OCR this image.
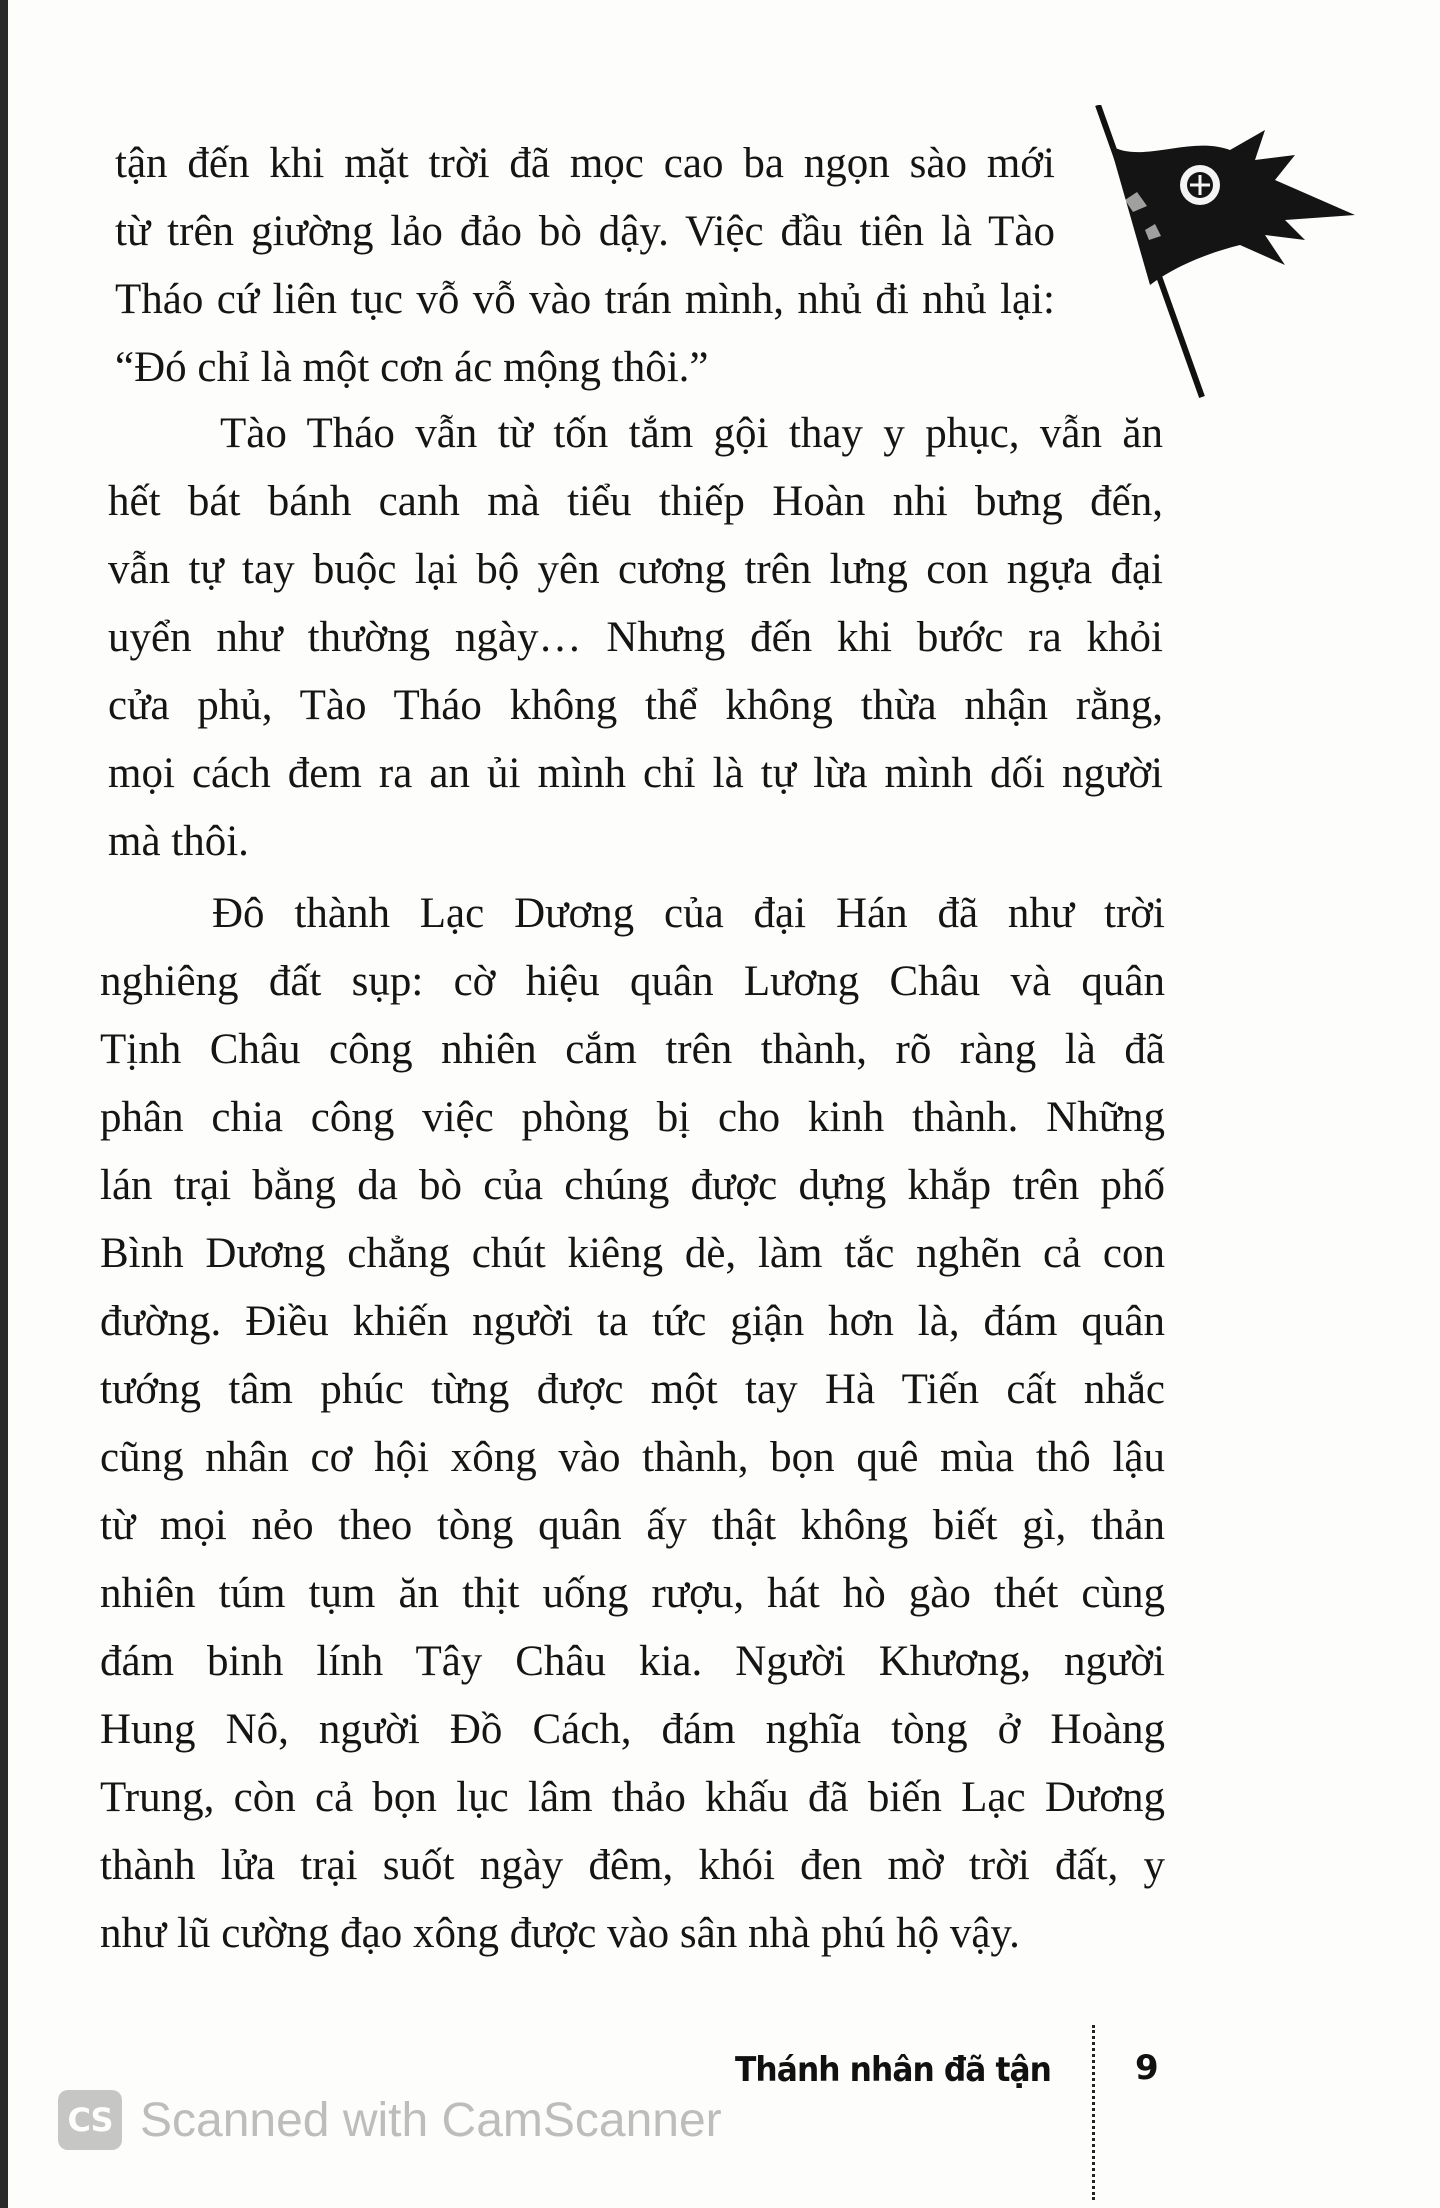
tận đến khi mặt trời đã mọc cao ba ngọn sào mới
từ trên giường lảo đảo bò dậy. Việc đầu tiên là Tào
Tháo cứ liên tục vỗ vỗ vào trán mình, nhủ đi nhủ lại:
“Đó chỉ là một cơn ác mộng thôi.”
Tào Tháo vẫn từ tốn tắm gội thay y phục, vẫn ăn
hết bát bánh canh mà tiểu thiếp Hoàn nhi bưng đến,
vẫn tự tay buộc lại bộ yên cương trên lưng con ngựa đại
uyển như thường ngày… Nhưng đến khi bước ra khỏi
cửa phủ, Tào Tháo không thể không thừa nhận rằng,
mọi cách đem ra an ủi mình chỉ là tự lừa mình dối người
mà thôi.
Đô thành Lạc Dương của đại Hán đã như trời
nghiêng đất sụp: cờ hiệu quân Lương Châu và quân
Tịnh Châu công nhiên cắm trên thành, rõ ràng là đã
phân chia công việc phòng bị cho kinh thành. Những
lán trại bằng da bò của chúng được dựng khắp trên phố
Bình Dương chẳng chút kiêng dè, làm tắc nghẽn cả con
đường. Điều khiến người ta tức giận hơn là, đám quân
tướng tâm phúc từng được một tay Hà Tiến cất nhắc
cũng nhân cơ hội xông vào thành, bọn quê mùa thô lậu
từ mọi nẻo theo tòng quân ấy thật không biết gì, thản
nhiên túm tụm ăn thịt uống rượu, hát hò gào thét cùng
đám binh lính Tây Châu kia. Người Khương, người
Hung Nô, người Đồ Cách, đám nghĩa tòng ở Hoàng
Trung, còn cả bọn lục lâm thảo khấu đã biến Lạc Dương
thành lửa trại suốt ngày đêm, khói đen mờ trời đất, y
như lũ cường đạo xông được vào sân nhà phú hộ vậy.
Thánh nhân đã tận 9
CS Scanned with CamScanner
